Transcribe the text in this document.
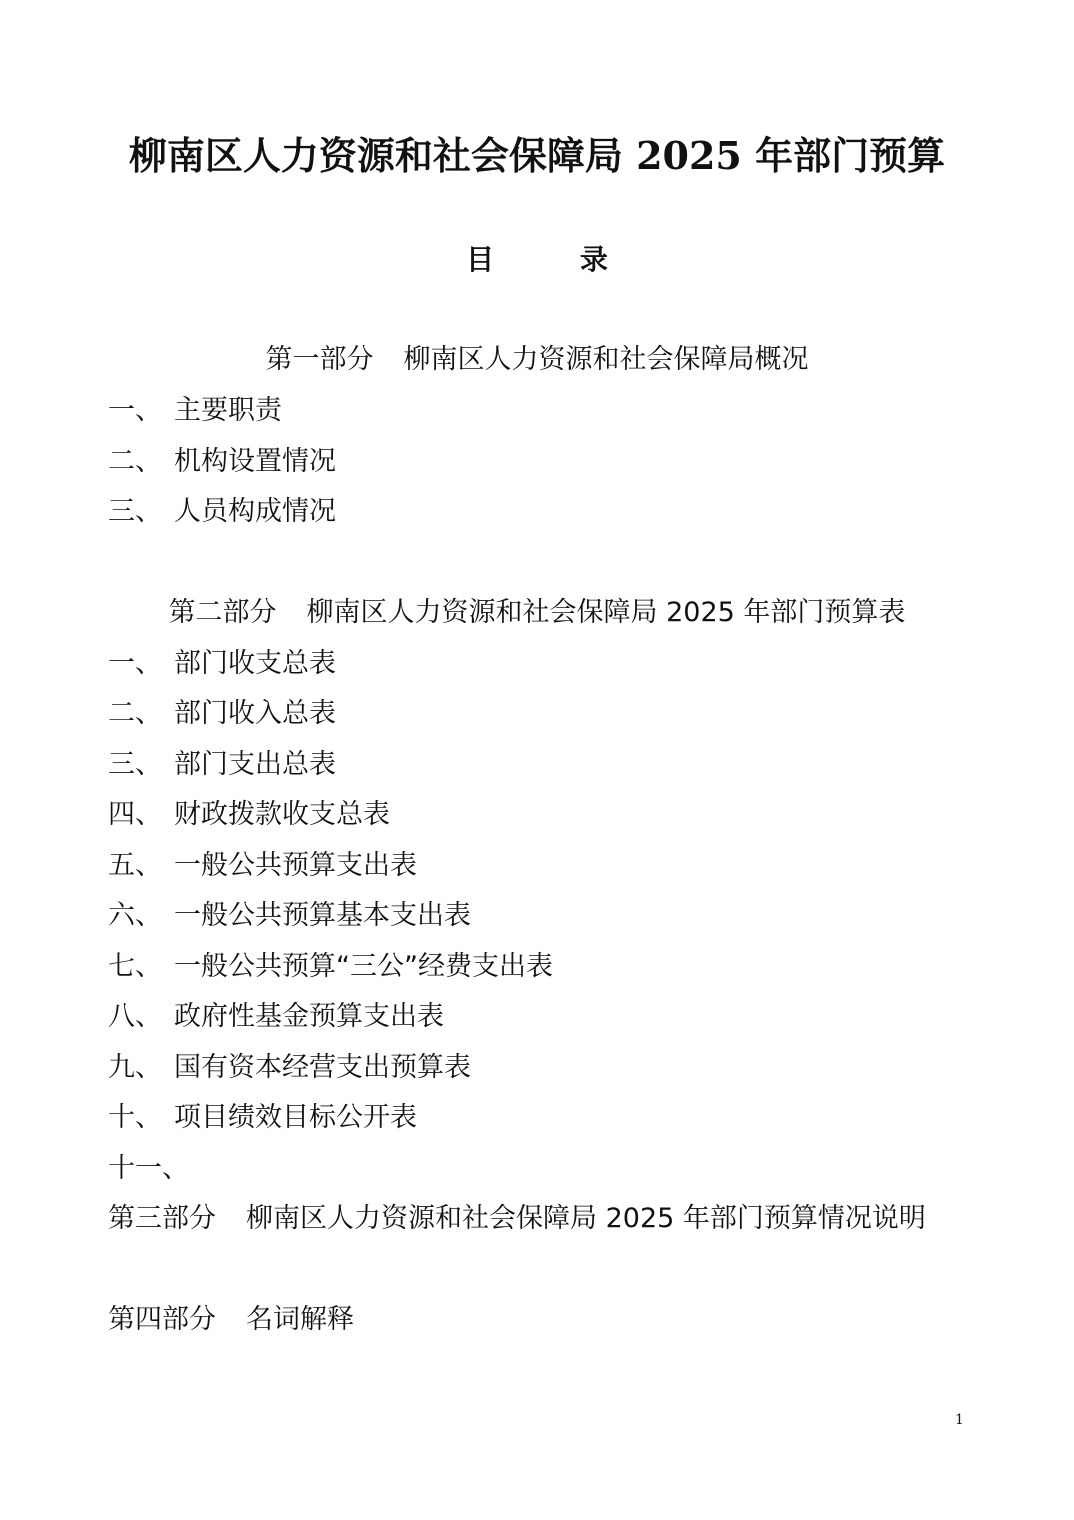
柳南区人力资源和社会保障局 2025 年部门预算
目 录
第一部分 柳南区人力资源和社会保障局概况
一、 主要职责
二、 机构设置情况
三、 人员构成情况
第二部分 柳南区人力资源和社会保障局 2025 年部门预算表
一、 部门收支总表
二、 部门收入总表
三、 部门支出总表
四、 财政拨款收支总表
五、 一般公共预算支出表
六、 一般公共预算基本支出表
七、 一般公共预算“三公”经费支出表
八、 政府性基金预算支出表
九、 国有资本经营支出预算表
十、 项目绩效目标公开表
十一、
第三部分 柳南区人力资源和社会保障局 2025 年部门预算情况说明
第四部分 名词解释
1
